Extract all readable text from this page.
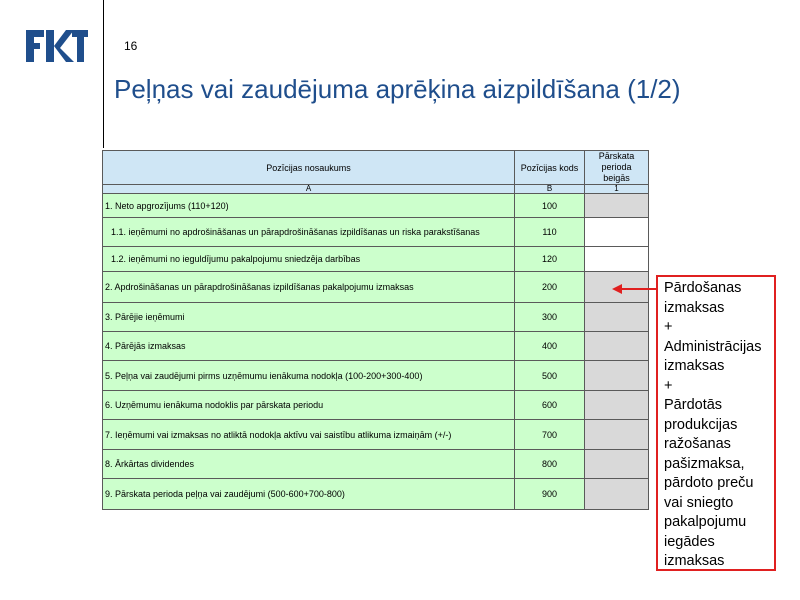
16
Peļņas vai zaudējuma aprēķina aizpildīšana (1/2)
Pozīcijas nosaukums	Pozīcijas kods	Pārskata perioda beigās
A	B	1
1. Neto apgrozījums (110+120)	100	
1.1. ieņēmumi no apdrošināšanas un pārapdrošināšanas izpildīšanas un riska parakstīšanas	110	
1.2. ieņēmumi no ieguldījumu pakalpojumu sniedzēja darbības	120	
2. Apdrošināšanas un pārapdrošināšanas izpildīšanas pakalpojumu izmaksas	200	
3. Pārējie ieņēmumi	300	
4. Pārējās izmaksas	400	
5. Peļņa vai zaudējumi pirms uzņēmumu ienākuma nodokļa (100-200+300-400)	500	
6. Uzņēmumu ienākuma nodoklis par pārskata periodu	600	
7. Ieņēmumi vai izmaksas no atliktā nodokļa aktīvu vai saistību atlikuma izmaiņām (+/-)	700	
8. Ārkārtas dividendes	800	
9. Pārskata perioda peļņa vai zaudējumi (500-600+700-800)	900	
Pārdošanas
izmaksas
+
Administrācijas
izmaksas
+
Pārdotās
produkcijas
ražošanas
pašizmaksa,
pārdoto preču
vai sniegto
pakalpojumu
iegādes
izmaksas
